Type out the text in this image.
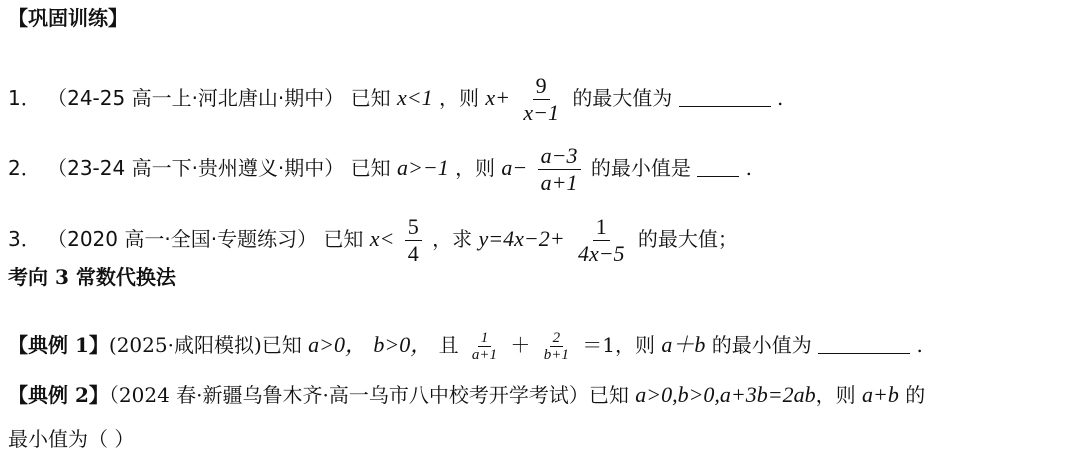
【巩固训练】
1． （24-25 高一上·河北唐山·期中） 已知 x<1 ，则 $x+ \frac{9}{x-1}$ 的最大值为	.
2． （23-24 高一下·贵州遵义·期中） 已知 a>−1 ，则 $a- \frac{a-3}{a+1}$ 的最小值是	.
3． （2020 高一·全国·专题练习） 已知 $x< \frac{5}{4}$ ，求 $y=4x-2+ \frac{1}{4x-5}$ 的最大值；
考向 3 常数代换法
【典例 1】(2025·咸阳模拟)已知 a>0， b>0， 且 $\frac{1}{a+1} + \frac{2}{b+1} =1$，则 a＋b 的最小值为	.
【典例 2】（2024 春·新疆乌鲁木齐·高一乌市八中校考开学考试）已知 a>0,b>0,a+3b=2ab，则 a+b 的
最小值为（ ）
